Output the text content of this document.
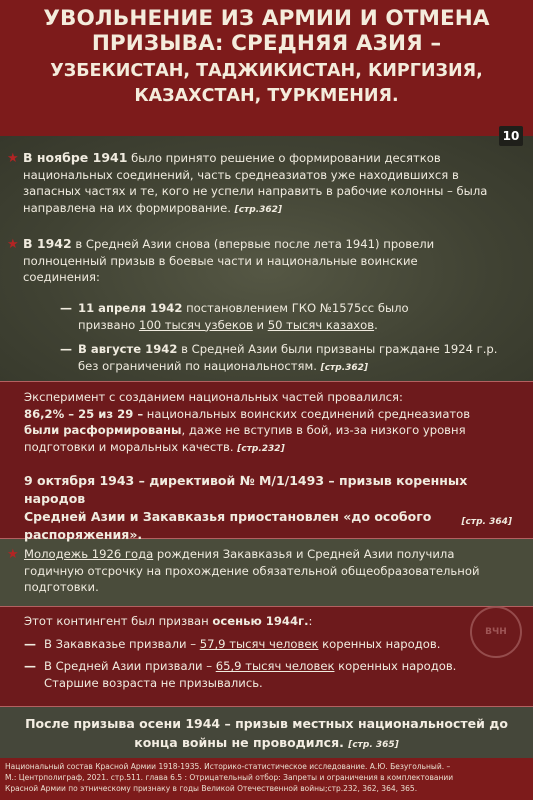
УВОЛЬНЕНИЕ ИЗ АРМИИ И ОТМЕНА
ПРИЗЫВА: СРЕДНЯЯ АЗИЯ –
УЗБЕКИСТАН, ТАДЖИКИСТАН, КИРГИЗИЯ,
КАЗАХСТАН, ТУРКМЕНИЯ.
10
★ В ноябре 1941 было принято решение о формировании десятков
национальных соединений, часть среднеазиатов уже находившихся в
запасных частях и те, кого не успели направить в рабочие колонны – была
направлена на их формирование. [стр.362]
★ В 1942 в Средней Азии снова (впервые после лета 1941) провели
полноценный призыв в боевые части и национальные воинские
соединения:
— 11 апреля 1942 постановлением ГКО №1575сс было
призвано 100 тысяч узбеков и 50 тысяч казахов.
— В августе 1942 в Средней Азии были призваны граждане 1924 г.р.
без ограничений по национальностям. [стр.362]
Эксперимент с созданием национальных частей провалился:
86,2% – 25 из 29 – национальных воинских соединений среднеазиатов
были расформированы, даже не вступив в бой, из-за низкого уровня
подготовки и моральных качеств. [стр.232]
9 октября 1943 – директивой № М/1/1493 – призыв коренных народов
Средней Азии и Закавказья приостановлен «до особого распоряжения».
[стр. 364]
★ Молодежь 1926 года рождения Закавказья и Средней Азии получила
годичную отсрочку на прохождение обязательной общеобразовательной
подготовки.
ВЧН
Этот контингент был призван осенью 1944г.:
— В Закавказье призвали – 57,9 тысяч человек коренных народов.
— В Средней Азии призвали – 65,9 тысяч человек коренных народов.
Старшие возраста не призывались.
После призыва осени 1944 – призыв местных национальностей до
конца войны не проводился. [стр. 365]
Национальный состав Красной Армии 1918-1935. Историко-статистическое исследование. А.Ю. Безугольный. –
М.: Центрполиграф, 2021. стр.511. глава 6.5 : Отрицательный отбор: Запреты и ограничения в комплектовании
Красной Армии по этническому признаку в годы Великой Отечественной войны;стр.232, 362, 364, 365.
